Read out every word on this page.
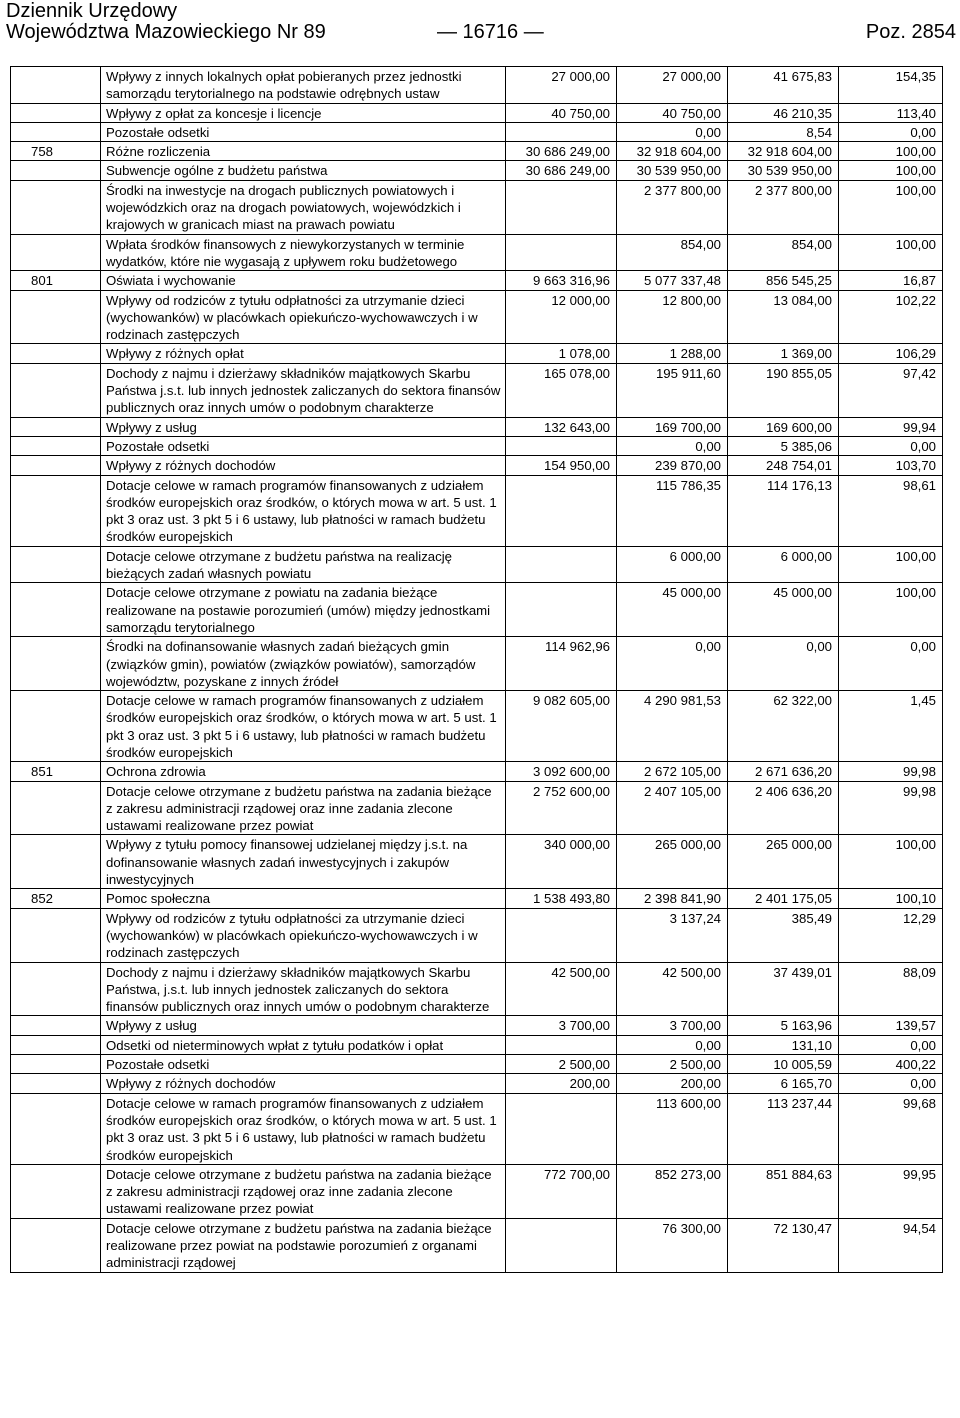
Dziennik Urzędowy
Województwa Mazowieckiego Nr 89	— 16716 —	Poz. 2854
	Wpływy z innych lokalnych opłat pobieranych przez jednostki samorządu terytorialnego na podstawie odrębnych ustaw	27 000,00	27 000,00	41 675,83	154,35
	Wpływy z opłat za koncesje i licencje	40 750,00	40 750,00	46 210,35	113,40
	Pozostałe odsetki		0,00	8,54	0,00
758	Różne rozliczenia	30 686 249,00	32 918 604,00	32 918 604,00	100,00
	Subwencje ogólne z budżetu państwa	30 686 249,00	30 539 950,00	30 539 950,00	100,00
	Środki na inwestycje na drogach publicznych powiatowych i wojewódzkich oraz na drogach powiatowych, wojewódzkich i krajowych w granicach miast na prawach powiatu		2 377 800,00	2 377 800,00	100,00
	Wpłata środków finansowych z niewykorzystanych w terminie wydatków, które nie wygasają z upływem roku budżetowego		854,00	854,00	100,00
801	Oświata i wychowanie	9 663 316,96	5 077 337,48	856 545,25	16,87
	Wpływy od rodziców z tytułu odpłatności za utrzymanie dzieci (wychowanków) w placówkach opiekuńczo-wychowawczych i w rodzinach zastępczych	12 000,00	12 800,00	13 084,00	102,22
	Wpływy z różnych opłat	1 078,00	1 288,00	1 369,00	106,29
	Dochody z najmu i dzierżawy składników majątkowych Skarbu Państwa j.s.t. lub innych jednostek zaliczanych do sektora finansów publicznych oraz innych umów o podobnym charakterze	165 078,00	195 911,60	190 855,05	97,42
	Wpływy z usług	132 643,00	169 700,00	169 600,00	99,94
	Pozostałe odsetki		0,00	5 385,06	0,00
	Wpływy z różnych dochodów	154 950,00	239 870,00	248 754,01	103,70
	Dotacje celowe w ramach programów finansowanych z udziałem środków europejskich oraz środków, o których mowa w art. 5 ust. 1 pkt 3 oraz ust. 3 pkt 5 i 6 ustawy, lub płatności w ramach budżetu środków europejskich		115 786,35	114 176,13	98,61
	Dotacje celowe otrzymane z budżetu państwa na realizację bieżących zadań własnych powiatu		6 000,00	6 000,00	100,00
	Dotacje celowe otrzymane z powiatu na zadania bieżące realizowane na postawie porozumień (umów) między jednostkami samorządu terytorialnego		45 000,00	45 000,00	100,00
	Środki na dofinansowanie własnych zadań bieżących gmin (związków gmin), powiatów (związków powiatów), samorządów województw, pozyskane z innych źródeł	114 962,96	0,00	0,00	0,00
	Dotacje celowe w ramach programów finansowanych z udziałem środków europejskich oraz środków, o których mowa w art. 5 ust. 1 pkt 3 oraz ust. 3 pkt 5 i 6 ustawy, lub płatności w ramach budżetu środków europejskich	9 082 605,00	4 290 981,53	62 322,00	1,45
851	Ochrona zdrowia	3 092 600,00	2 672 105,00	2 671 636,20	99,98
	Dotacje celowe otrzymane z budżetu państwa na zadania bieżące z zakresu administracji rządowej oraz inne zadania zlecone ustawami realizowane przez powiat	2 752 600,00	2 407 105,00	2 406 636,20	99,98
	Wpływy z tytułu pomocy finansowej udzielanej między j.s.t. na dofinansowanie własnych zadań inwestycyjnych i zakupów inwestycyjnych	340 000,00	265 000,00	265 000,00	100,00
852	Pomoc społeczna	1 538 493,80	2 398 841,90	2 401 175,05	100,10
	Wpływy od rodziców z tytułu odpłatności za utrzymanie dzieci (wychowanków) w placówkach opiekuńczo-wychowawczych i w rodzinach zastępczych		3 137,24	385,49	12,29
	Dochody z najmu i dzierżawy składników majątkowych Skarbu Państwa, j.s.t. lub innych jednostek zaliczanych do sektora finansów publicznych oraz innych umów o podobnym charakterze	42 500,00	42 500,00	37 439,01	88,09
	Wpływy z usług	3 700,00	3 700,00	5 163,96	139,57
	Odsetki od nieterminowych wpłat z tytułu podatków i opłat		0,00	131,10	0,00
	Pozostałe odsetki	2 500,00	2 500,00	10 005,59	400,22
	Wpływy z różnych dochodów	200,00	200,00	6 165,70	0,00
	Dotacje celowe w ramach programów finansowanych z udziałem środków europejskich oraz środków, o których mowa w art. 5 ust. 1 pkt 3 oraz ust. 3 pkt 5 i 6 ustawy, lub płatności w ramach budżetu środków europejskich		113 600,00	113 237,44	99,68
	Dotacje celowe otrzymane z budżetu państwa na zadania bieżące z zakresu administracji rządowej oraz inne zadania zlecone ustawami realizowane przez powiat	772 700,00	852 273,00	851 884,63	99,95
	Dotacje celowe otrzymane z budżetu państwa na zadania bieżące realizowane przez powiat na podstawie porozumień z organami administracji rządowej		76 300,00	72 130,47	94,54
